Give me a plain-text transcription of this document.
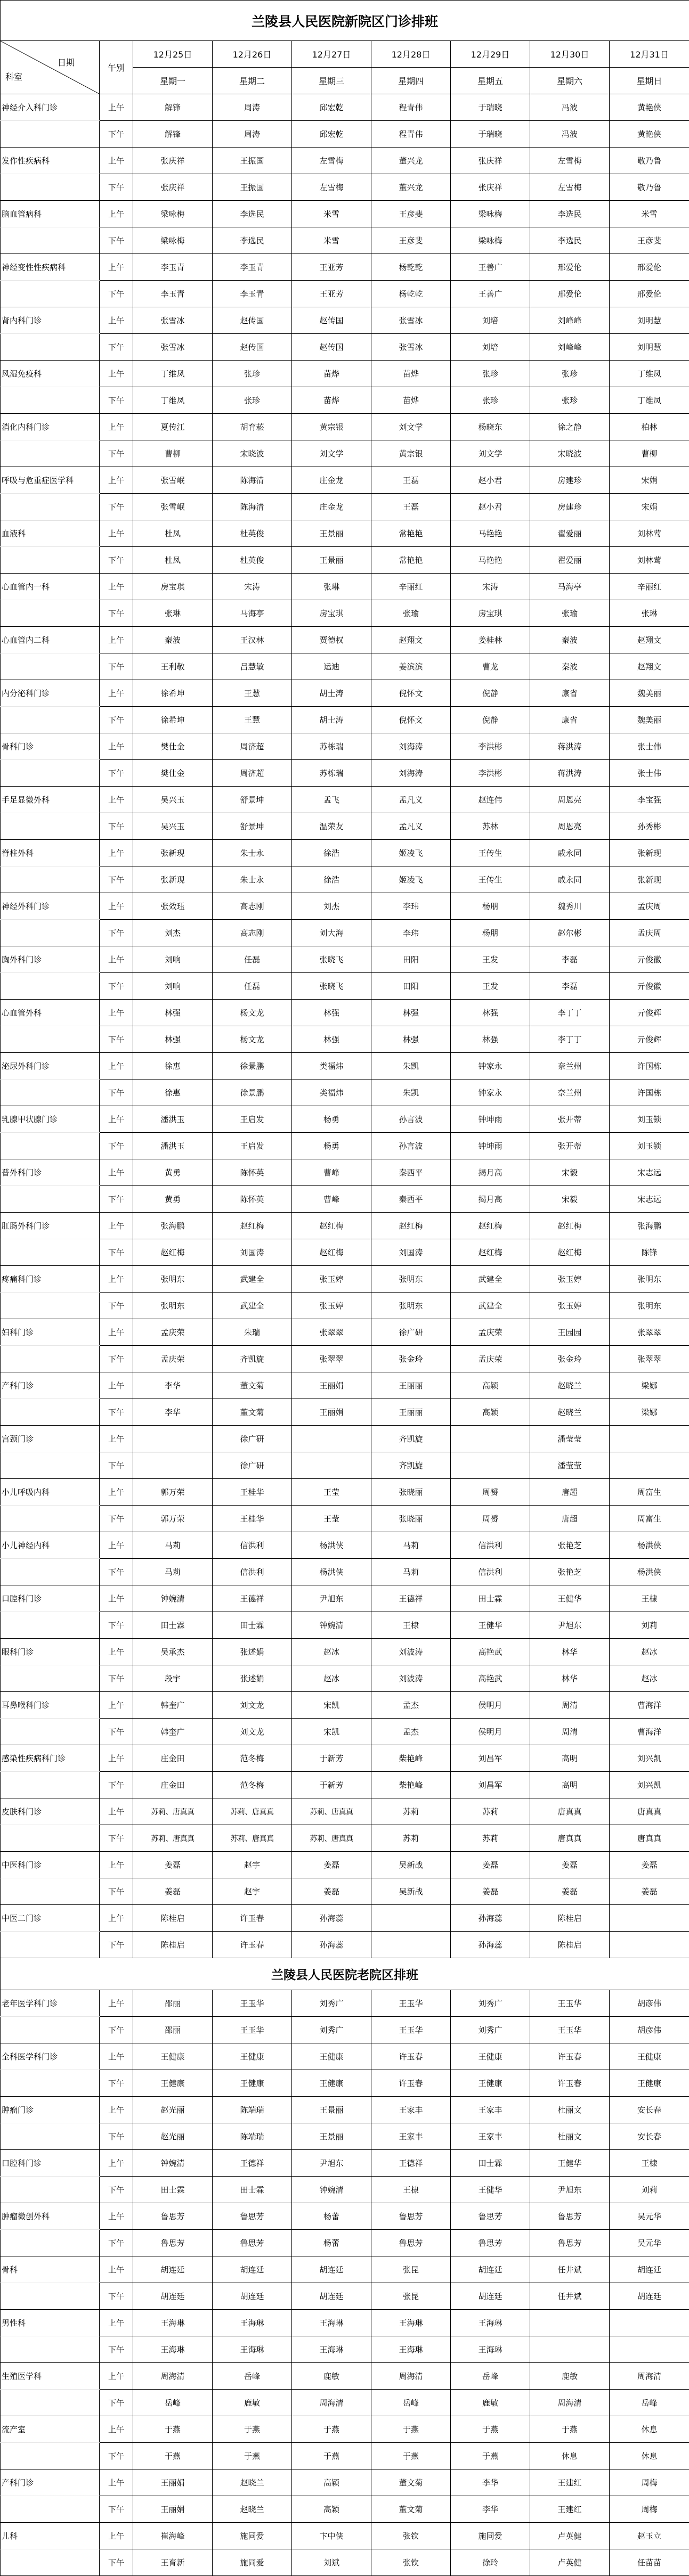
兰陵县人民医院新院区门诊排班								

日期
科室	午别	12月25日	12月26日	12月27日	12月28日	12月29日	12月30日	12月31日
		星期一	星期二	星期三	星期四	星期五	星期六	星期日
神经介入科门诊	上午	解锋	周涛	邱宏乾	程青伟	于瑞晓	冯波	黄艳侠
	下午	解锋	周涛	邱宏乾	程青伟	于瑞晓	冯波	黄艳侠
发作性疾病科	上午	张庆祥	王振国	左雪梅	董兴龙	张庆祥	左雪梅	敬乃鲁
	下午	张庆祥	王振国	左雪梅	董兴龙	张庆祥	左雪梅	敬乃鲁
脑血管病科	上午	梁咏梅	李选民	米雪	王彦斐	梁咏梅	李选民	米雪
	下午	梁咏梅	李选民	米雪	王彦斐	梁咏梅	李选民	王彦斐
神经变性性疾病科	上午	李玉青	李玉青	王亚芳	杨乾乾	王善广	邢爱伦	邢爱伦
	下午	李玉青	李玉青	王亚芳	杨乾乾	王善广	邢爱伦	邢爱伦
肾内科门诊	上午	张雪冰	赵传国	赵传国	张雪冰	刘培	刘峰峰	刘明慧
	下午	张雪冰	赵传国	赵传国	张雪冰	刘培	刘峰峰	刘明慧
风湿免疫科	上午	丁维凤	张珍	苗烨	苗烨	张珍	张珍	丁维凤
	下午	丁维凤	张珍	苗烨	苗烨	张珍	张珍	丁维凤
消化内科门诊	上午	夏传江	胡育菘	黄宗银	刘文学	杨晓东	徐之静	柏林
	下午	曹柳	宋晓波	刘文学	黄宗银	刘文学	宋晓波	曹柳
呼吸与危重症医学科	上午	张雪岷	陈海清	庄金龙	王磊	赵小君	房建珍	宋娟
	下午	张雪岷	陈海清	庄金龙	王磊	赵小君	房建珍	宋娟
血液科	上午	杜凤	杜英俊	王景丽	常艳艳	马艳艳	翟爱丽	刘林莺
	下午	杜凤	杜英俊	王景丽	常艳艳	马艳艳	翟爱丽	刘林莺
心血管内一科	上午	房宝琪	宋涛	张琳	辛丽红	宋涛	马海亭	辛丽红
	下午	张琳	马海亭	房宝琪	张瑜	房宝琪	张瑜	张琳
心血管内二科	上午	秦波	王汉林	贾德权	赵翔文	姜桂林	秦波	赵翔文
	下午	王利敬	吕慧敏	运迪	姜滨滨	曹龙	秦波	赵翔文
内分泌科门诊	上午	徐希坤	王慧	胡士涛	倪怀文	倪静	康省	魏美丽
	下午	徐希坤	王慧	胡士涛	倪怀文	倪静	康省	魏美丽
骨科门诊	上午	樊仕金	周济超	苏栋瑞	刘海涛	李洪彬	蒋洪涛	张士伟
	下午	樊仕金	周济超	苏栋瑞	刘海涛	李洪彬	蒋洪涛	张士伟
手足显微外科	上午	吴兴玉	舒景坤	孟飞	孟凡义	赵连伟	周恩亮	李宝强
	下午	吴兴玉	舒景坤	温荣友	孟凡义	苏林	周恩亮	孙秀彬
脊柱外科	上午	张新现	朱士永	徐浩	姬凌飞	王传生	戚永同	张新现
	下午	张新现	朱士永	徐浩	姬凌飞	王传生	戚永同	张新现
神经外科门诊	上午	张效珏	高志刚	刘杰	李玮	杨朋	魏秀川	孟庆周
	下午	刘杰	高志刚	刘大海	李玮	杨朋	赵尔彬	孟庆周
胸外科门诊	上午	刘响	任磊	张晓飞	田阳	王发	李磊	亓俊徽
	下午	刘响	任磊	张晓飞	田阳	王发	李磊	亓俊徽
心血管外科	上午	林强	杨文龙	林强	林强	林强	李丁丁	亓俊辉
	下午	林强	杨文龙	林强	林强	林强	李丁丁	亓俊辉
泌尿外科门诊	上午	徐惠	徐景鹏	类福炜	朱凯	钟家永	奈兰州	许国栋
	下午	徐惠	徐景鹏	类福炜	朱凯	钟家永	奈兰州	许国栋
乳腺甲状腺门诊	上午	潘洪玉	王启发	杨勇	孙言波	钟坤雨	张开蒂	刘玉锁
	下午	潘洪玉	王启发	杨勇	孙言波	钟坤雨	张开蒂	刘玉锁
普外科门诊	上午	黄勇	陈怀英	曹峰	秦西平	揭月高	宋毅	宋志远
	下午	黄勇	陈怀英	曹峰	秦西平	揭月高	宋毅	宋志远
肛肠外科门诊	上午	张海鹏	赵红梅	赵红梅	赵红梅	赵红梅	赵红梅	张海鹏
	下午	赵红梅	刘国涛	赵红梅	刘国涛	赵红梅	赵红梅	陈锋
疼痛科门诊	上午	张明东	武建全	张玉婷	张明东	武建全	张玉婷	张明东
	下午	张明东	武建全	张玉婷	张明东	武建全	张玉婷	张明东
妇科门诊	上午	孟庆荣	朱瑞	张翠翠	徐广研	孟庆荣	王园园	张翠翠
	下午	孟庆荣	齐凯旋	张翠翠	张金玲	孟庆荣	张金玲	张翠翠
产科门诊	上午	李华	董文菊	王丽娟	王丽丽	高颖	赵晓兰	梁娜
	下午	李华	董文菊	王丽娟	王丽丽	高颖	赵晓兰	梁娜
宫颈门诊	上午		徐广研		齐凯旋		潘莹莹	
	下午		徐广研		齐凯旋		潘莹莹	
小儿呼吸内科	上午	郭万荣	王桂华	王莹	张晓丽	周赟	唐超	周富生
	下午	郭万荣	王桂华	王莹	张晓丽	周赟	唐超	周富生
小儿神经内科	上午	马莉	信洪利	杨洪侠	马莉	信洪利	张艳芝	杨洪侠
	下午	马莉	信洪利	杨洪侠	马莉	信洪利	张艳芝	杨洪侠
口腔科门诊	上午	钟婉清	王德祥	尹旭东	王德祥	田士霖	王健华	王棣
	下午	田士霖	田士霖	钟婉清	王棣	王健华	尹旭东	刘莉
眼科门诊	上午	吴承杰	张述娟	赵冰	刘波涛	高艳武	林华	赵冰
	下午	段宇	张述娟	赵冰	刘波涛	高艳武	林华	赵冰
耳鼻喉科门诊	上午	韩奎广	刘文龙	宋凯	孟杰	侯明月	周清	曹海洋
	下午	韩奎广	刘文龙	宋凯	孟杰	侯明月	周清	曹海洋
感染性疾病科门诊	上午	庄金田	范冬梅	于新芳	柴艳峰	刘昌军	高明	刘兴凯
	下午	庄金田	范冬梅	于新芳	柴艳峰	刘昌军	高明	刘兴凯
皮肤科门诊	上午	苏莉、唐真真	苏莉、唐真真	苏莉、唐真真	苏莉	苏莉	唐真真	唐真真
	下午	苏莉、唐真真	苏莉、唐真真	苏莉、唐真真	苏莉	苏莉	唐真真	唐真真
中医科门诊	上午	姜磊	赵宇	姜磊	吴新战	姜磊	姜磊	姜磊
	下午	姜磊	赵宇	姜磊	吴新战	姜磊	姜磊	姜磊
中医二门诊	上午	陈桂启	许玉春	孙海蕊		孙海蕊	陈桂启	
	下午	陈桂启	许玉春	孙海蕊		孙海蕊	陈桂启	
兰陵县人民医院老院区排班								
老年医学科门诊	上午	邵丽	王玉华	刘秀广	王玉华	刘秀广	王玉华	胡彦伟
	下午	邵丽	王玉华	刘秀广	王玉华	刘秀广	王玉华	胡彦伟
全科医学科门诊	上午	王健康	王健康	王健康	许玉春	王健康	许玉春	王健康
	下午	王健康	王健康	王健康	许玉春	王健康	许玉春	王健康
肿瘤门诊	上午	赵光丽	陈端瑞	王景丽	王家丰	王家丰	杜丽文	安长春
	下午	赵光丽	陈端瑞	王景丽	王家丰	王家丰	杜丽文	安长春
口腔科门诊	上午	钟婉清	王德祥	尹旭东	王德祥	田士霖	王健华	王棣
	下午	田士霖	田士霖	钟婉清	王棣	王健华	尹旭东	刘莉
肿瘤微创外科	上午	鲁思芳	鲁思芳	杨蕾	鲁思芳	鲁思芳	鲁思芳	吴元华
	下午	鲁思芳	鲁思芳	杨蕾	鲁思芳	鲁思芳	鲁思芳	吴元华
骨科	上午	胡连廷	胡连廷	胡连廷	张昆	胡连廷	任井斌	胡连廷
	下午	胡连廷	胡连廷	胡连廷	张昆	胡连廷	任井斌	胡连廷
男性科	上午	王海琳	王海琳	王海琳	王海琳	王海琳		
	下午	王海琳	王海琳	王海琳	王海琳	王海琳		
生殖医学科	上午	周海清	岳峰	鹿敏	周海清	岳峰	鹿敏	周海清
	下午	岳峰	鹿敏	周海清	岳峰	鹿敏	周海清	岳峰
流产室	上午	于燕	于燕	于燕	于燕	于燕	于燕	休息
	下午	于燕	于燕	于燕	于燕	于燕	休息	休息
产科门诊	上午	王丽娟	赵晓兰	高颖	董文菊	李华	王建红	周梅
	下午	王丽娟	赵晓兰	高颖	董文菊	李华	王建红	周梅
儿科	上午	崔海峰	施同爱	卞中侠	张钦	施同爱	卢英健	赵玉立
	下午	王育新	施同爱	刘斌	张钦	徐玲	卢英健	任苗苗
